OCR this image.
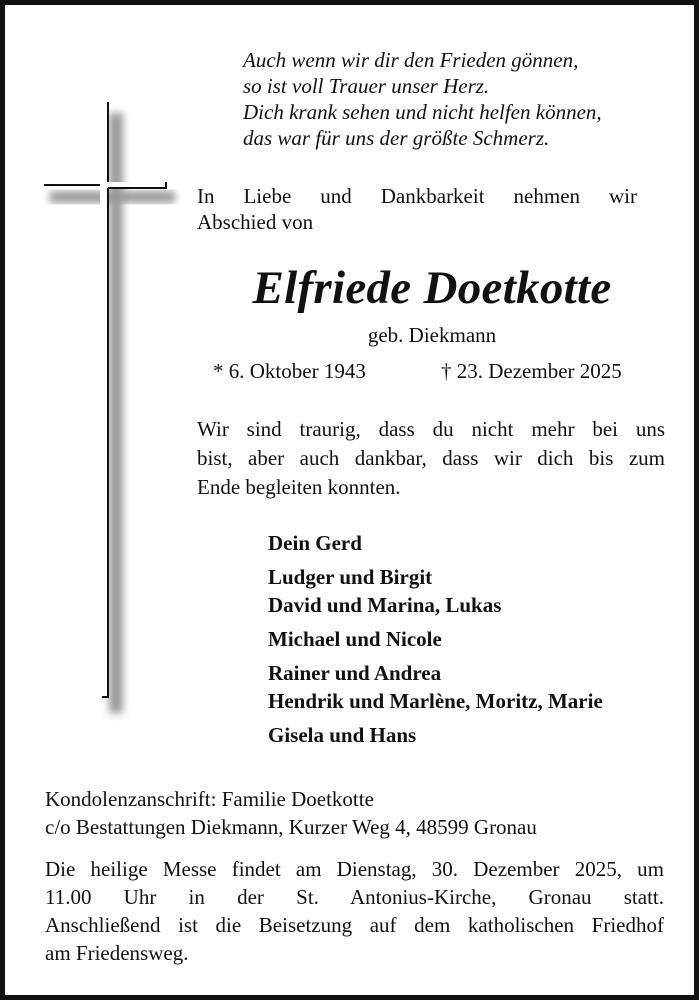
Auch wenn wir dir den Frieden gönnen,
so ist voll Trauer unser Herz.
Dich krank sehen und nicht helfen können,
das war für uns der größte Schmerz.
In Liebe und Dankbarkeit nehmen wir
Abschied von
Elfriede Doetkotte
geb. Diekmann
* 6. Oktober 1943	† 23. Dezember 2025
Wir sind traurig, dass du nicht mehr bei uns
bist, aber auch dankbar, dass wir dich bis zum
Ende begleiten konnten.
Dein Gerd
Ludger und Birgit
David und Marina, Lukas
Michael und Nicole
Rainer und Andrea
Hendrik und Marlène, Moritz, Marie
Gisela und Hans
Kondolenzanschrift: Familie Doetkotte
c/o Bestattungen Diekmann, Kurzer Weg 4, 48599 Gronau
Die heilige Messe findet am Dienstag, 30. Dezember 2025, um
11.00 Uhr in der St. Antonius-Kirche, Gronau statt.
Anschließend ist die Beisetzung auf dem katholischen Friedhof
am Friedensweg.
